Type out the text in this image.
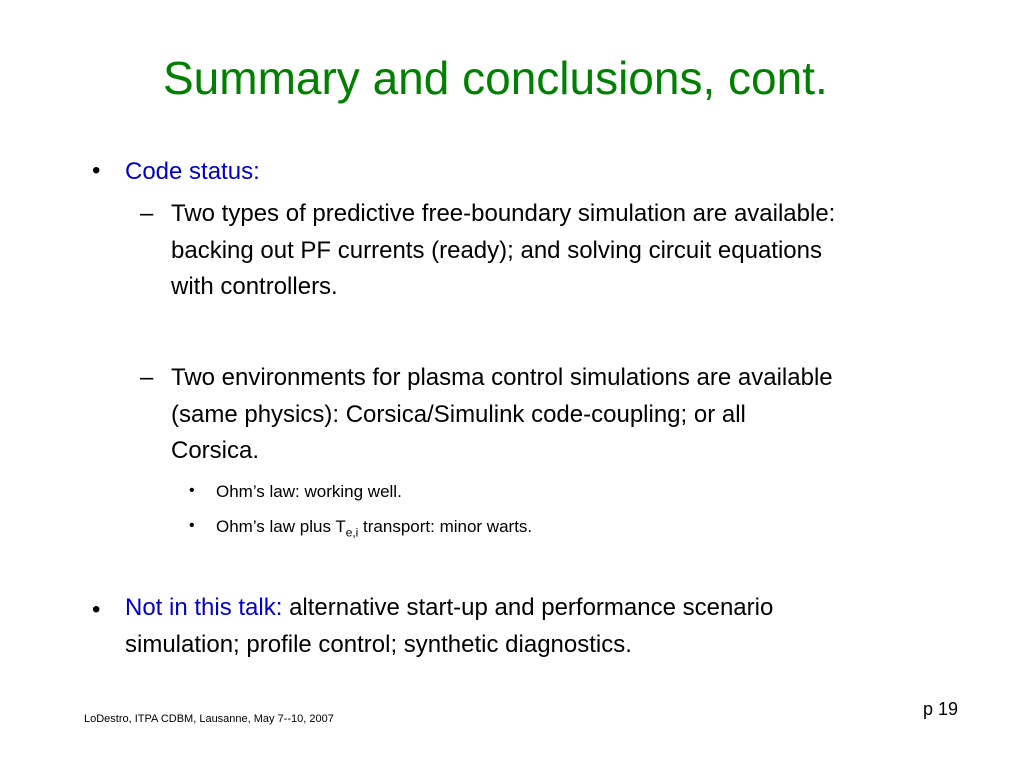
Summary and conclusions, cont.
• Code status:
– Two types of predictive free-boundary simulation are available:
backing out PF currents (ready); and solving circuit equations
with controllers.
– Two environments for plasma control simulations are available
(same physics): Corsica/Simulink code-coupling; or all
Corsica.
• Ohm’s law: working well.
• Ohm’s law plus $T_{e,i}$ transport: minor warts.
• Not in this talk: alternative start-up and performance scenario
simulation; profile control; synthetic diagnostics.
LoDestro, ITPA CDBM, Lausanne, May 7--10, 2007	p 19
